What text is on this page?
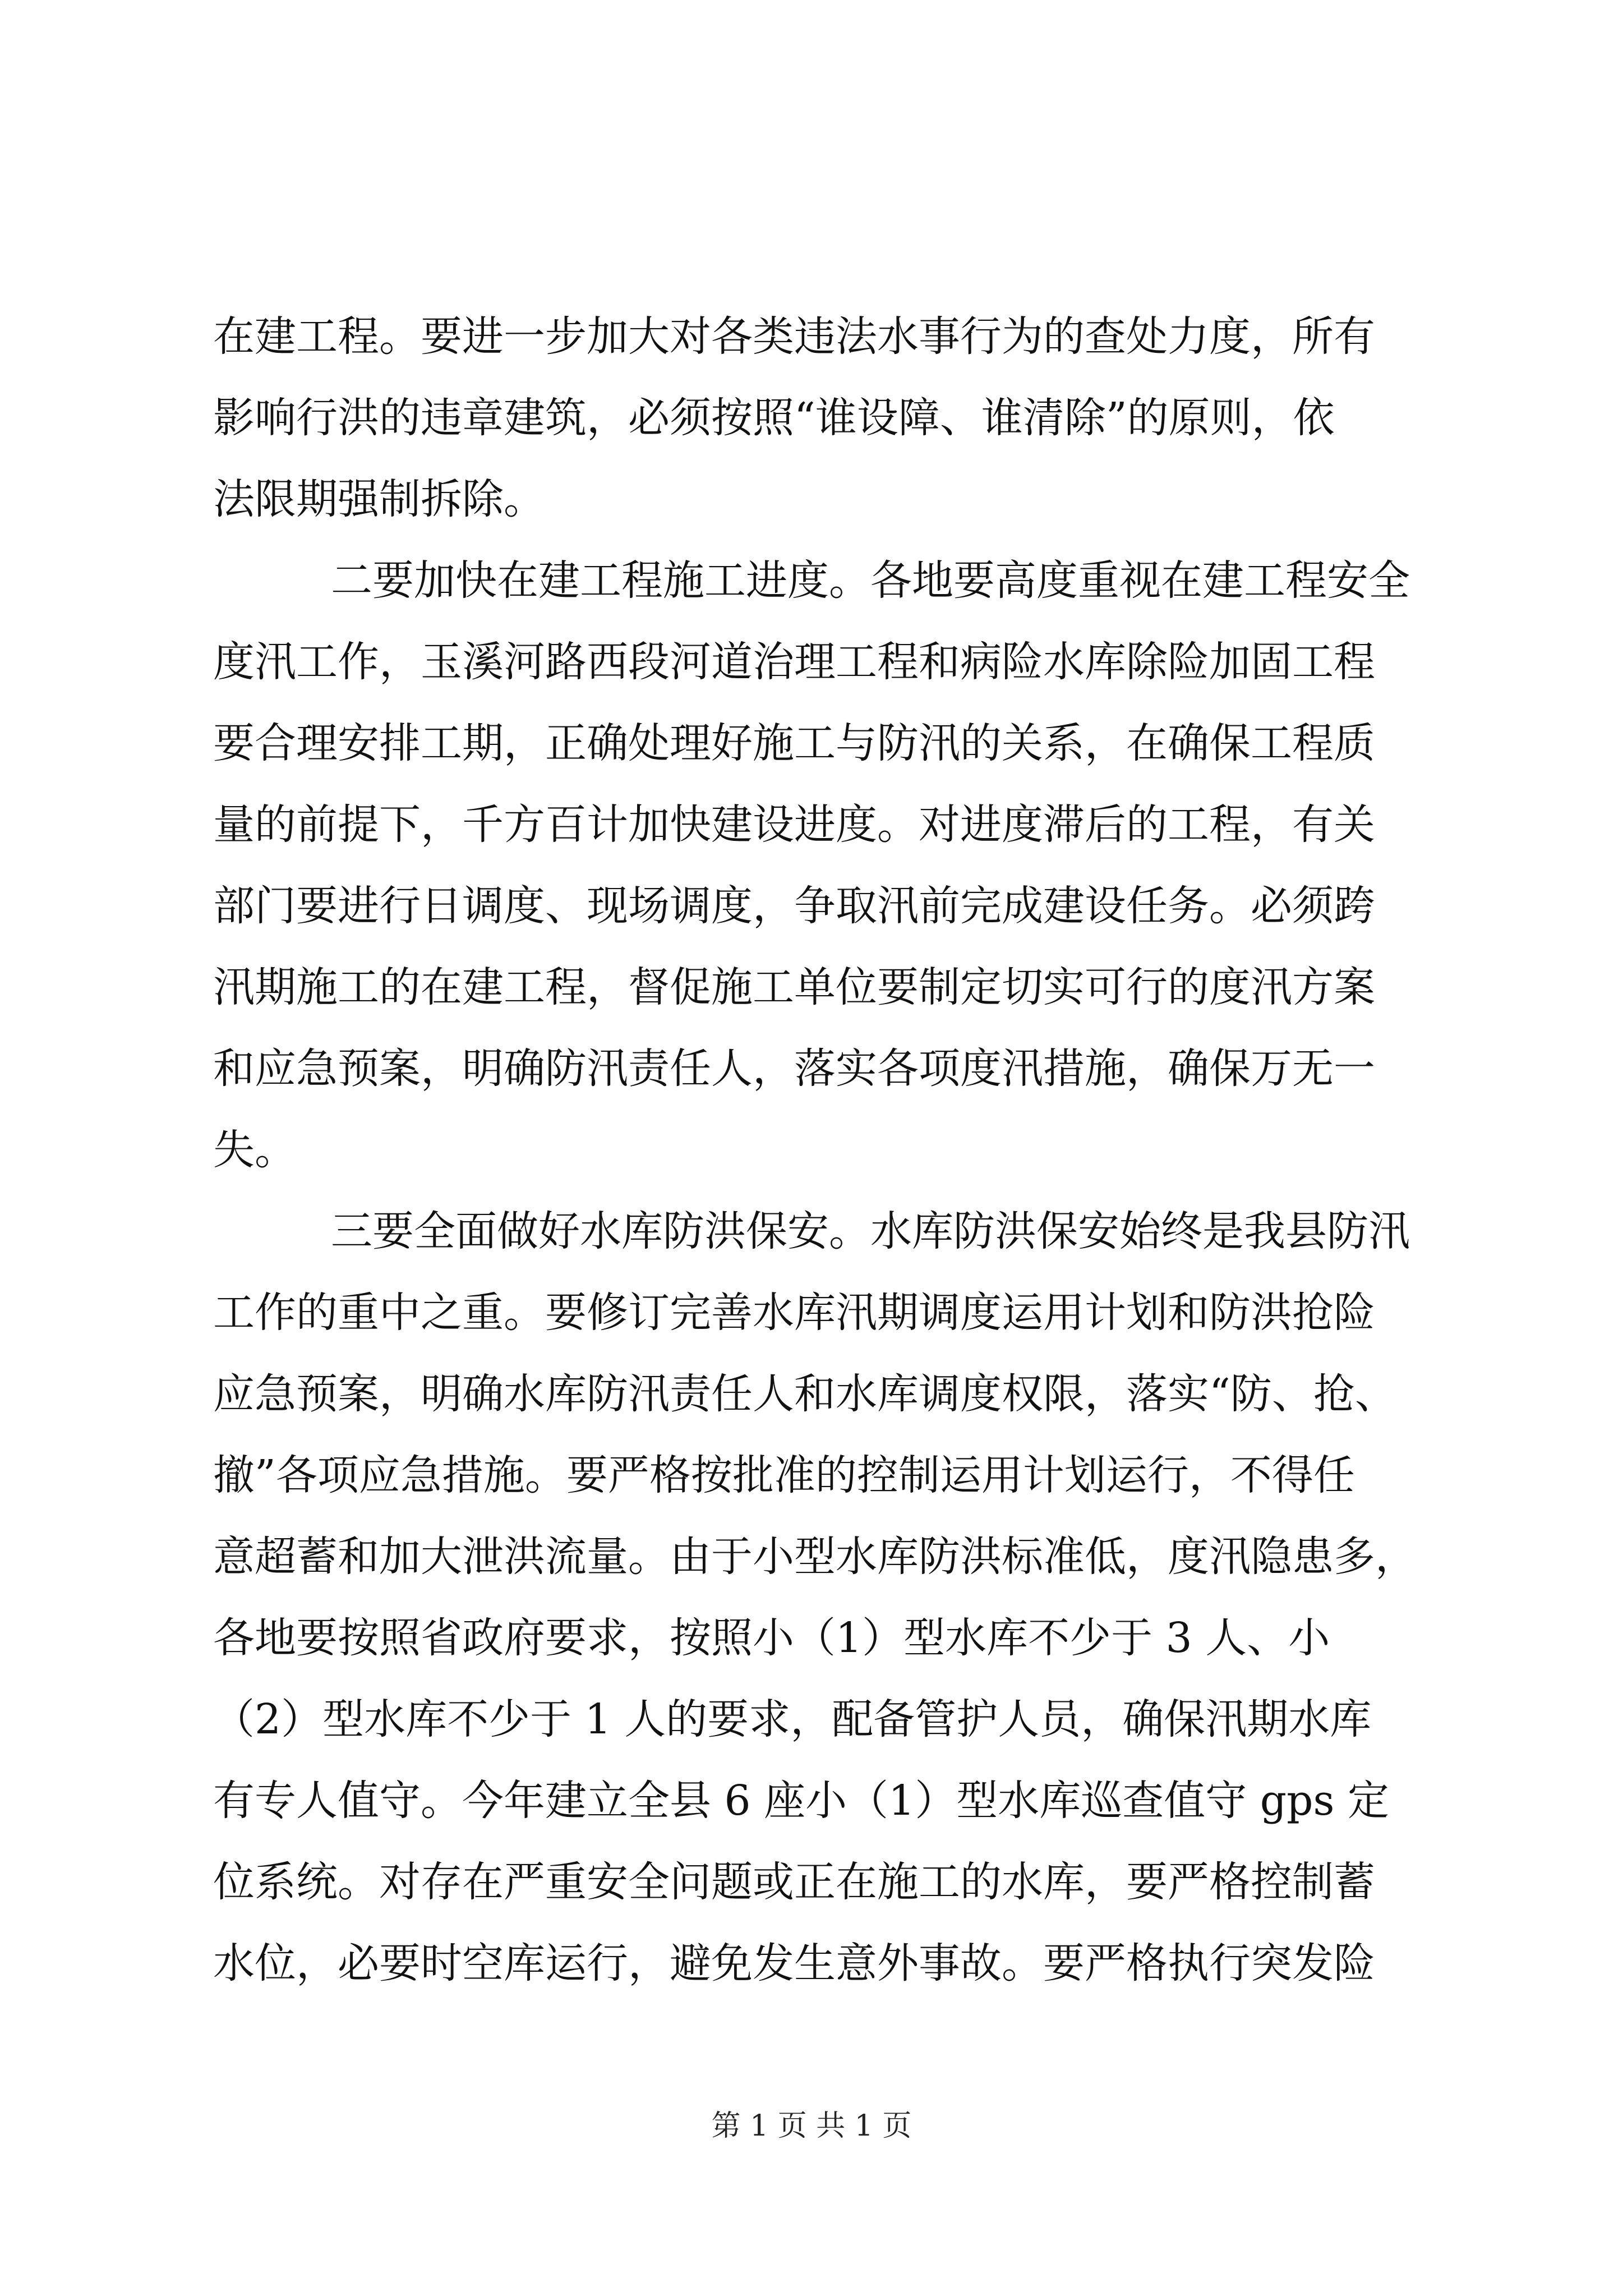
在建工程。要进一步加大对各类违法水事行为的查处力度，所有
影响行洪的违章建筑，必须按照“谁设障、谁清除”的原则，依
法限期强制拆除。
二要加快在建工程施工进度。各地要高度重视在建工程安全
度汛工作，玉溪河路西段河道治理工程和病险水库除险加固工程
要合理安排工期，正确处理好施工与防汛的关系，在确保工程质
量的前提下，千方百计加快建设进度。对进度滞后的工程，有关
部门要进行日调度、现场调度，争取汛前完成建设任务。必须跨
汛期施工的在建工程，督促施工单位要制定切实可行的度汛方案
和应急预案，明确防汛责任人，落实各项度汛措施，确保万无一
失。
三要全面做好水库防洪保安。水库防洪保安始终是我县防汛
工作的重中之重。要修订完善水库汛期调度运用计划和防洪抢险
应急预案，明确水库防汛责任人和水库调度权限，落实“防、抢、
撤”各项应急措施。要严格按批准的控制运用计划运行，不得任
意超蓄和加大泄洪流量。由于小型水库防洪标准低，度汛隐患多，
各地要按照省政府要求，按照小（1）型水库不少于 3 人、小
（2）型水库不少于 1 人的要求，配备管护人员，确保汛期水库
有专人值守。今年建立全县 6 座小（1）型水库巡查值守 gps 定
位系统。对存在严重安全问题或正在施工的水库，要严格控制蓄
水位，必要时空库运行，避免发生意外事故。要严格执行突发险
第 1 页 共 1 页
